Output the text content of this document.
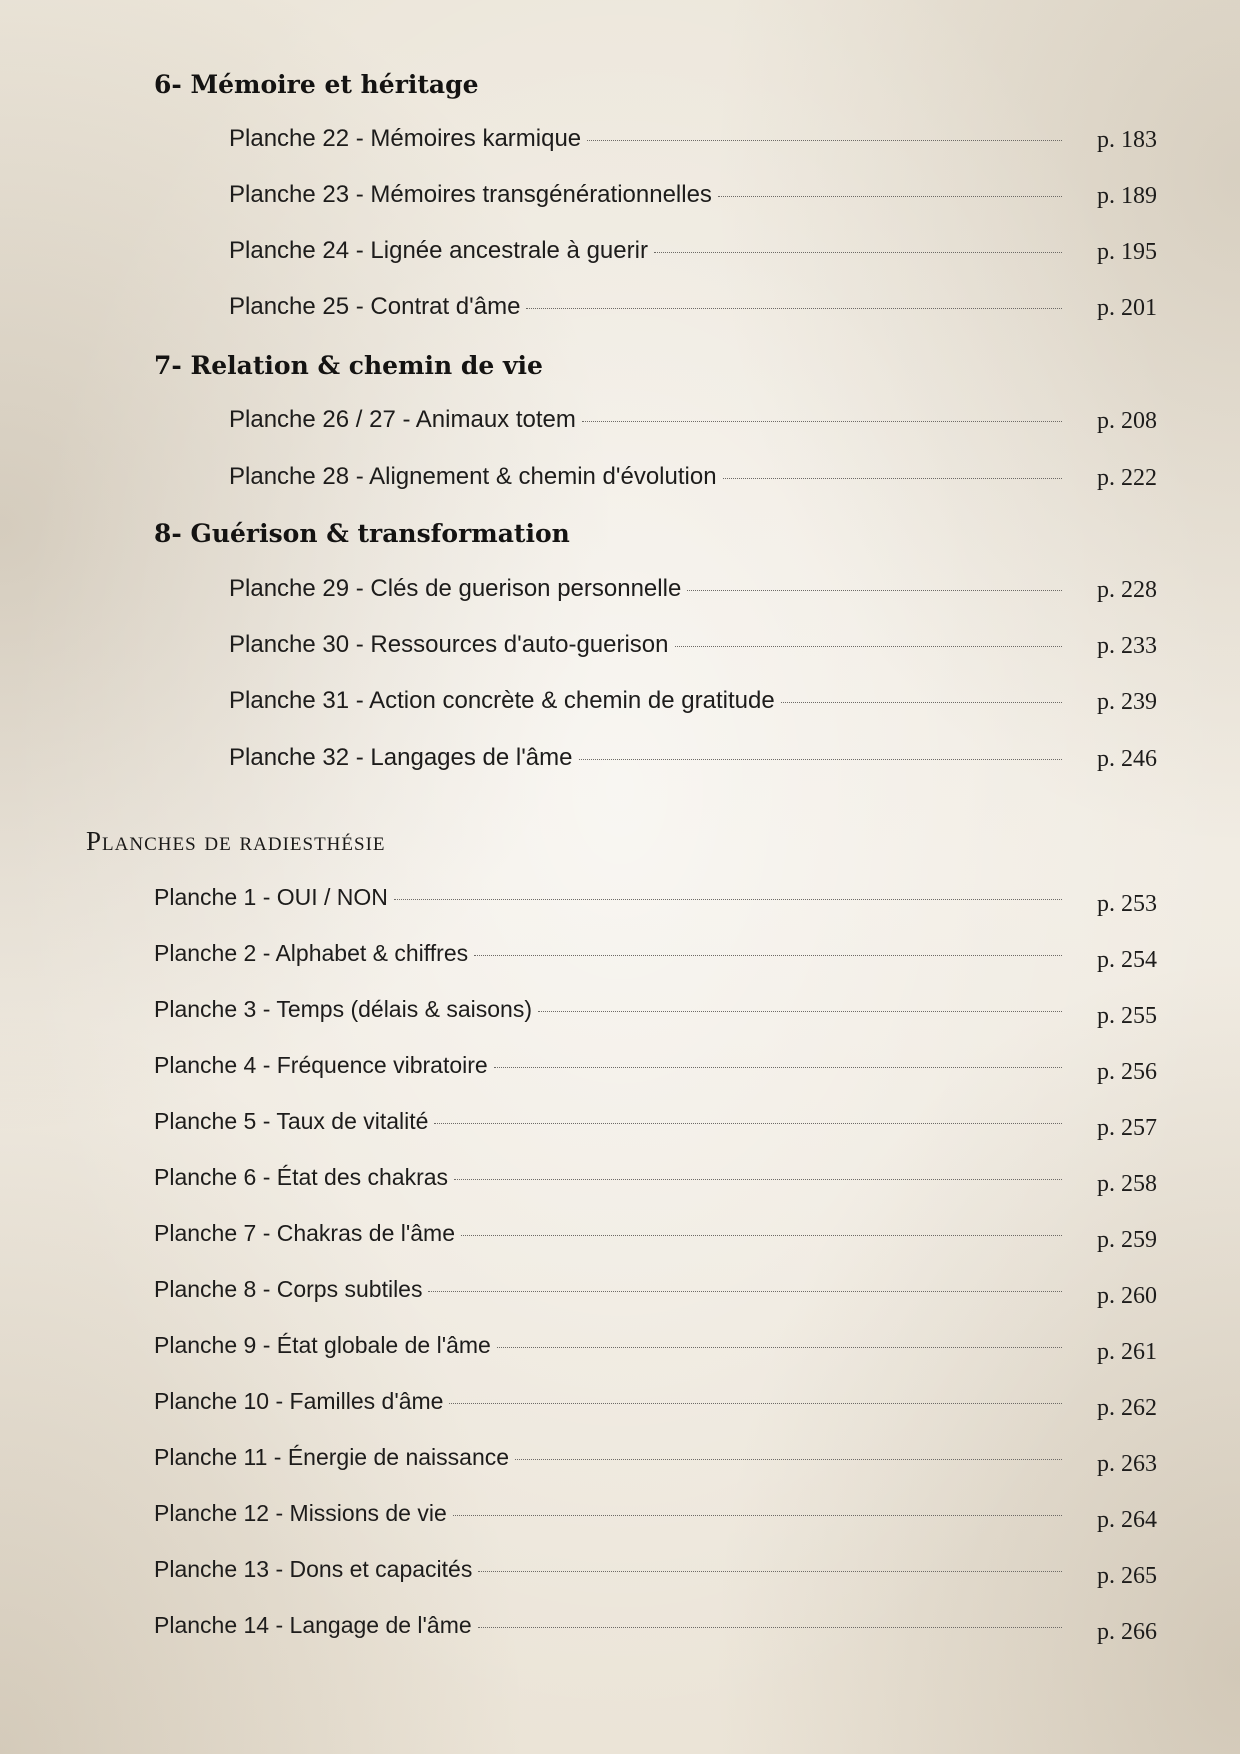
6- Mémoire et héritage
Planche 22 - Mémoires karmique	p. 183
Planche 23 - Mémoires transgénérationnelles	p. 189
Planche 24 - Lignée ancestrale à guerir	p. 195
Planche 25 - Contrat d'âme	p. 201
7- Relation & chemin de vie
Planche 26 / 27 - Animaux totem	p. 208
Planche 28 - Alignement & chemin d'évolution	p. 222
8- Guérison & transformation
Planche 29 - Clés de guerison personnelle	p. 228
Planche 30 - Ressources d'auto-guerison	p. 233
Planche 31 - Action concrète & chemin de gratitude	p. 239
Planche 32 - Langages de l'âme	p. 246
Planches de radiesthésie
Planche 1 - OUI / NON	p. 253
Planche 2 - Alphabet & chiffres	p. 254
Planche 3 - Temps (délais & saisons)	p. 255
Planche 4 - Fréquence vibratoire	p. 256
Planche 5 - Taux de vitalité	p. 257
Planche 6 - État des chakras	p. 258
Planche 7 - Chakras de l'âme	p. 259
Planche 8 - Corps subtiles	p. 260
Planche 9 - État globale de l'âme	p. 261
Planche 10 - Familles d'âme	p. 262
Planche 11 - Énergie de naissance	p. 263
Planche 12 - Missions de vie	p. 264
Planche 13 - Dons et capacités	p. 265
Planche 14 - Langage de l'âme	p. 266
